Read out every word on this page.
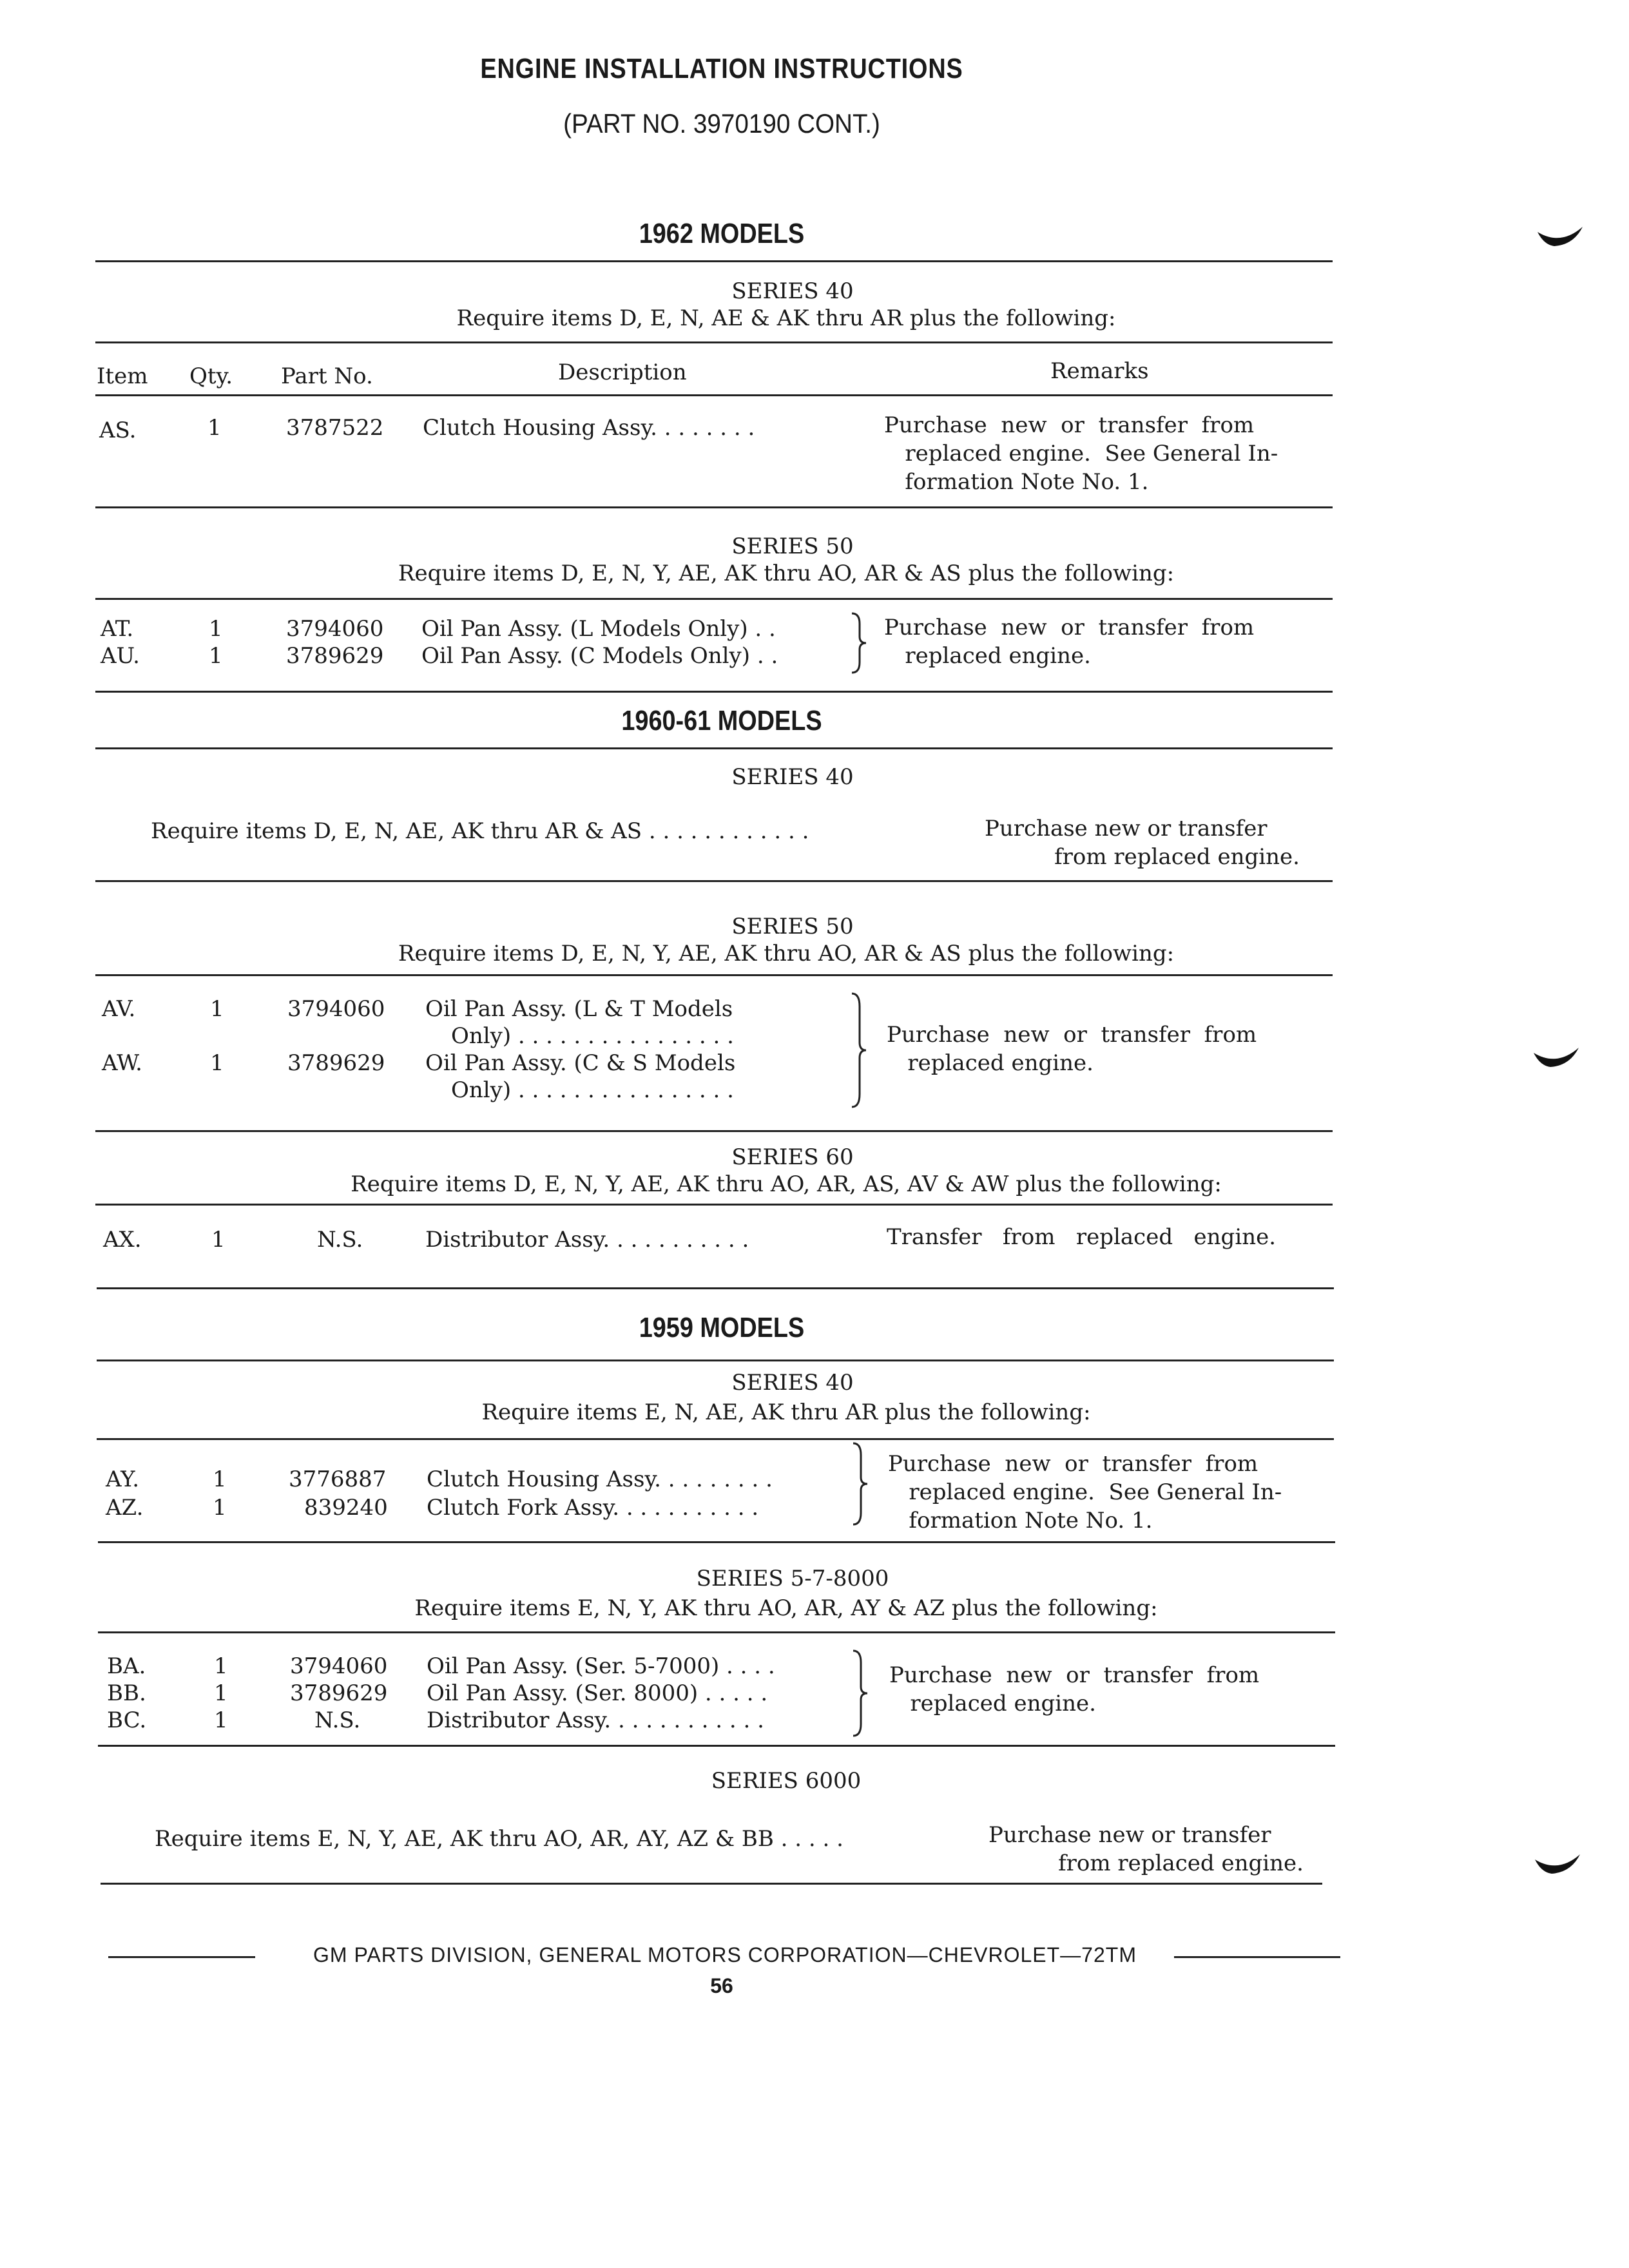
ENGINE INSTALLATION INSTRUCTIONS
(PART NO. 3970190 CONT.)
1962 MODELS
SERIES 40
Require items D, E, N, AE & AK thru AR plus the following:
Item Qty. Part No.	Description	Remarks
AS.	1	3787522 Clutch Housing Assy. . . . . . . .	Purchase  new  or  transfer  from
replaced engine.  See General In-
formation Note No. 1.
SERIES 50
Require items D, E, N, Y, AE, AK thru AO, AR & AS plus the following:
AT.	1	3794060 Oil Pan Assy. (L Models Only) . .
AU.	1	3789629 Oil Pan Assy. (C Models Only) . .
Purchase  new  or  transfer  from
replaced engine.
1960-61 MODELS
SERIES 40
Require items D, E, N, AE, AK thru AR & AS . . . . . . . . . . . .	Purchase new or transfer
from replaced engine.
SERIES 50
Require items D, E, N, Y, AE, AK thru AO, AR & AS plus the following:
AV.	1	3794060 Oil Pan Assy. (L & T Models
Only) . . . . . . . . . . . . . . . .
AW.	1	3789629 Oil Pan Assy. (C & S Models
Only) . . . . . . . . . . . . . . . .
Purchase  new  or  transfer  from
replaced engine.
SERIES 60
Require items D, E, N, Y, AE, AK thru AO, AR, AS, AV & AW plus the following:
AX.	1	N.S.	Distributor Assy. . . . . . . . . . .	Transfer   from   replaced   engine.
1959 MODELS
SERIES 40
Require items E, N, AE, AK thru AR plus the following:
AY.	1	3776887 Clutch Housing Assy. . . . . . . . .
AZ.	1	839240 Clutch Fork Assy. . . . . . . . . . .
Purchase  new  or  transfer  from
replaced engine.  See General In-
formation Note No. 1.
SERIES 5-7-8000
Require items E, N, Y, AK thru AO, AR, AY & AZ plus the following:
BA.	1	3794060 Oil Pan Assy. (Ser. 5-7000) . . . .
BB.	1	3789629 Oil Pan Assy. (Ser. 8000) . . . . .
BC.	1	N.S.	Distributor Assy. . . . . . . . . . . .
Purchase  new  or  transfer  from
replaced engine.
SERIES 6000
Require items E, N, Y, AE, AK thru AO, AR, AY, AZ & BB . . . . .	Purchase new or transfer
from replaced engine.
GM PARTS DIVISION, GENERAL MOTORS CORPORATION—CHEVROLET—72TM
56
